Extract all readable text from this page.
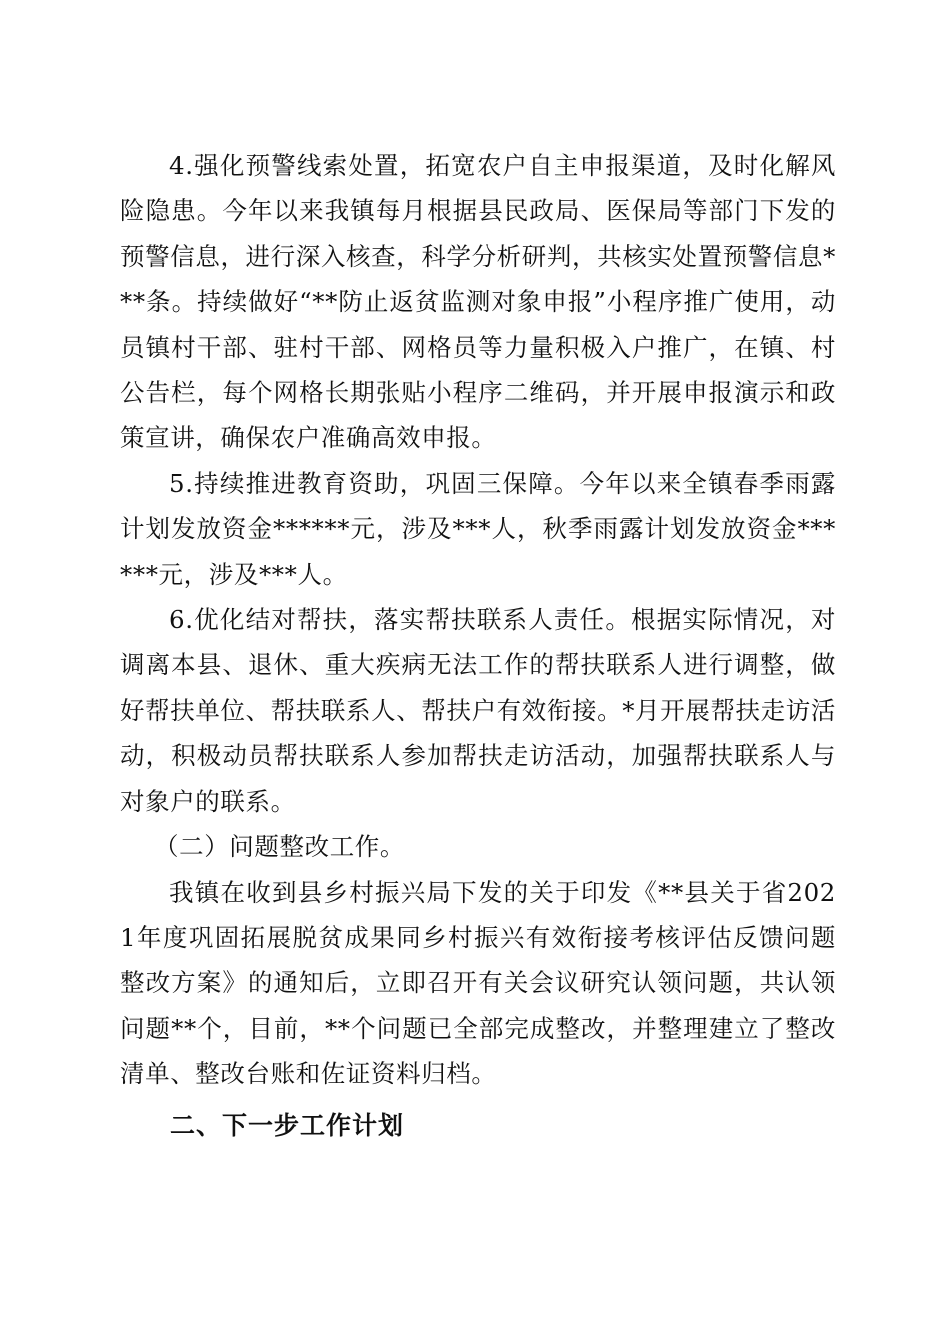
4.强化预警线索处置，拓宽农户自主申报渠道，及时化解风险隐患。今年以来我镇每月根据县民政局、医保局等部门下发的预警信息，进行深入核查，科学分析研判，共核实处置预警信息***条。持续做好“**防止返贫监测对象申报”小程序推广使用，动员镇村干部、驻村干部、网格员等力量积极入户推广，在镇、村公告栏，每个网格长期张贴小程序二维码，并开展申报演示和政策宣讲，确保农户准确高效申报。

5.持续推进教育资助，巩固三保障。今年以来全镇春季雨露计划发放资金******元，涉及***人，秋季雨露计划发放资金******元，涉及***人。

6.优化结对帮扶，落实帮扶联系人责任。根据实际情况，对调离本县、退休、重大疾病无法工作的帮扶联系人进行调整，做好帮扶单位、帮扶联系人、帮扶户有效衔接。*月开展帮扶走访活动，积极动员帮扶联系人参加帮扶走访活动，加强帮扶联系人与对象户的联系。

（二）问题整改工作。

我镇在收到县乡村振兴局下发的关于印发《**县关于省2021年度巩固拓展脱贫成果同乡村振兴有效衔接考核评估反馈问题整改方案》的通知后，立即召开有关会议研究认领问题，共认领问题**个，目前，**个问题已全部完成整改，并整理建立了整改清单、整改台账和佐证资料归档。

二、下一步工作计划
